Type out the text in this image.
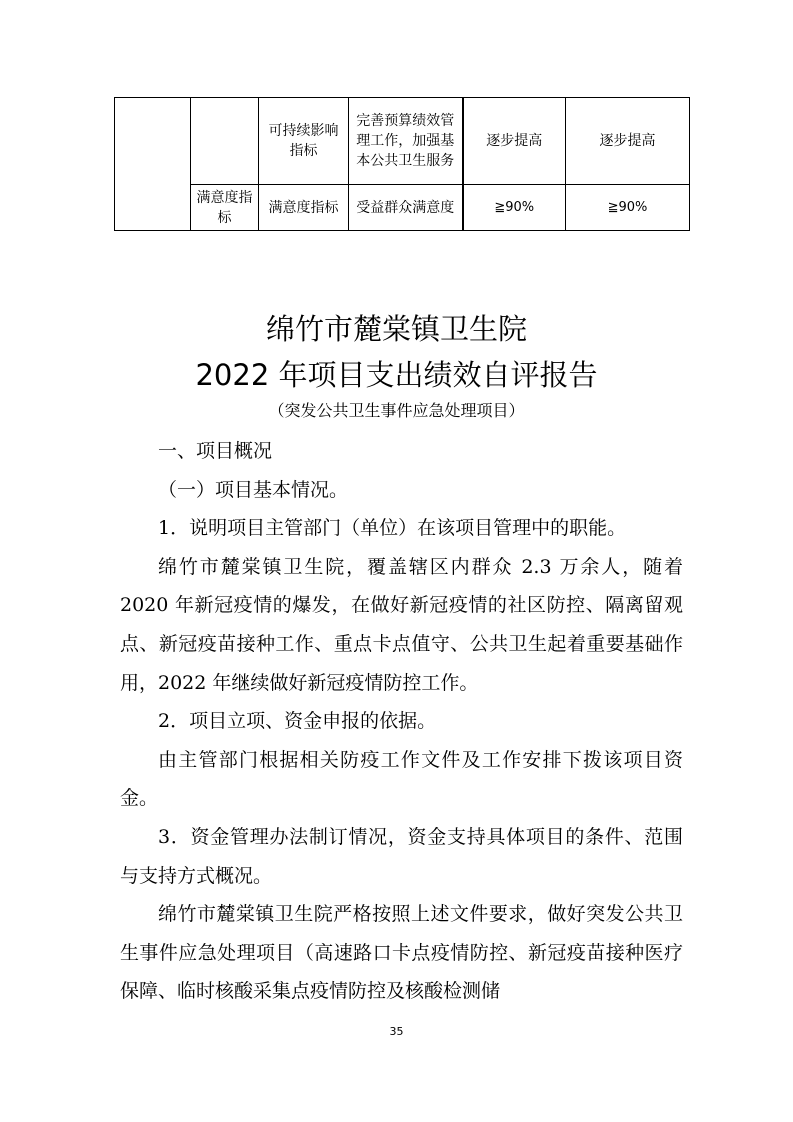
		可持续影响指标	完善预算绩效管理工作，加强基本公共卫生服务	逐步提高	逐步提高
	满意度指标	满意度指标	受益群众满意度	≧90%	≧90%
绵竹市麓棠镇卫生院
2022 年项目支出绩效自评报告
（突发公共卫生事件应急处理项目）

一、项目概况

（一）项目基本情况。

1．说明项目主管部门（单位）在该项目管理中的职能。

绵竹市麓棠镇卫生院，覆盖辖区内群众 2.3 万余人，随着 2020 年新冠疫情的爆发，在做好新冠疫情的社区防控、隔离留观点、新冠疫苗接种工作、重点卡点值守、公共卫生起着重要基础作用，2022 年继续做好新冠疫情防控工作。

2．项目立项、资金申报的依据。

由主管部门根据相关防疫工作文件及工作安排下拨该项目资金。

3．资金管理办法制订情况，资金支持具体项目的条件、范围与支持方式概况。

绵竹市麓棠镇卫生院严格按照上述文件要求，做好突发公共卫生事件应急处理项目（高速路口卡点疫情防控、新冠疫苗接种医疗保障、临时核酸采集点疫情防控及核酸检测储

35
